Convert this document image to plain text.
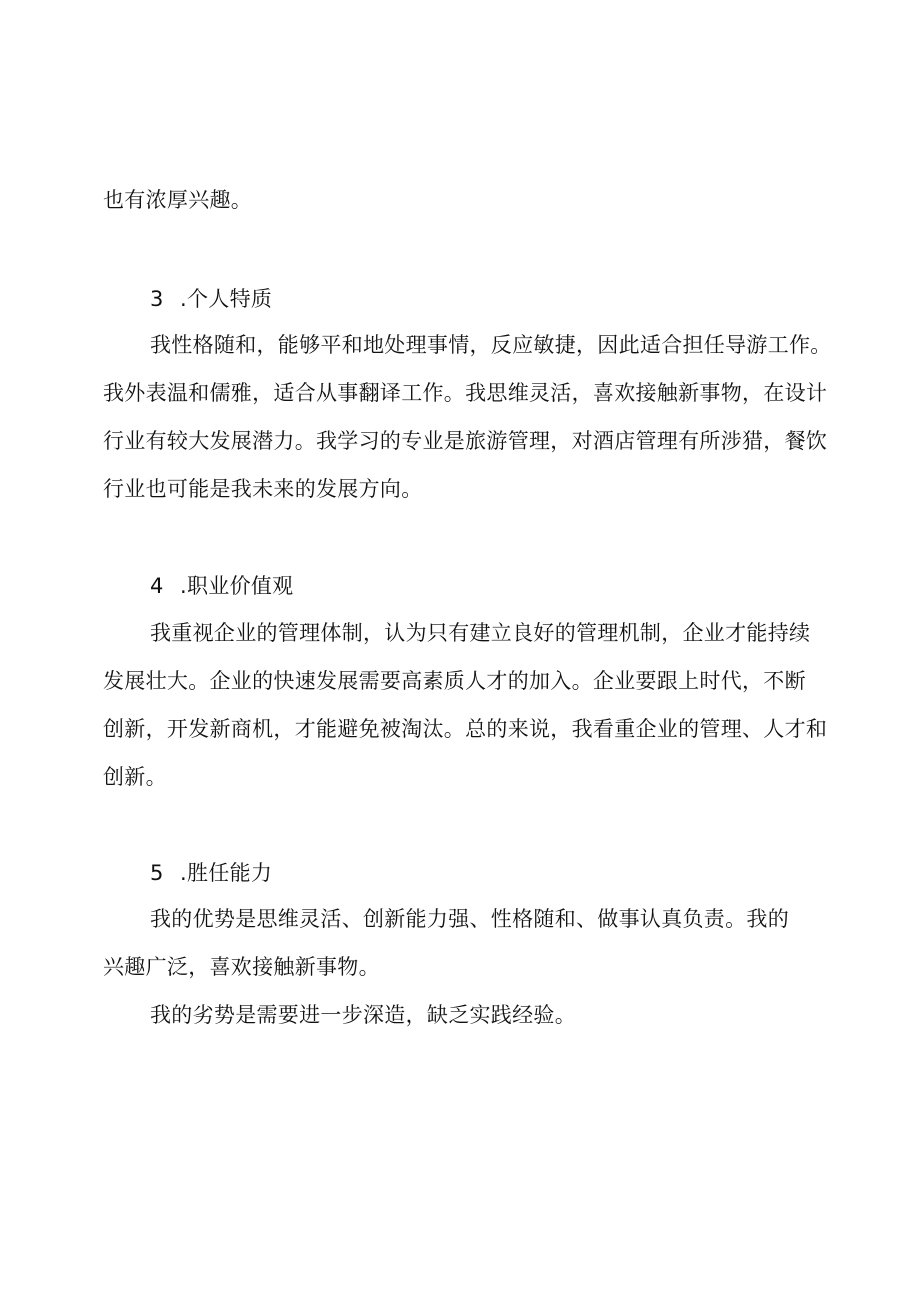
也有浓厚兴趣。
3 .个人特质
我性格随和，能够平和地处理事情，反应敏捷，因此适合担任导游工作。
我外表温和儒雅，适合从事翻译工作。我思维灵活，喜欢接触新事物，在设计
行业有较大发展潜力。我学习的专业是旅游管理，对酒店管理有所涉猎，餐饮
行业也可能是我未来的发展方向。
4 .职业价值观
我重视企业的管理体制，认为只有建立良好的管理机制，企业才能持续
发展壮大。企业的快速发展需要高素质人才的加入。企业要跟上时代，不断
创新，开发新商机，才能避免被淘汰。总的来说，我看重企业的管理、人才和
创新。
5 .胜任能力
我的优势是思维灵活、创新能力强、性格随和、做事认真负责。我的
兴趣广泛，喜欢接触新事物。
我的劣势是需要进一步深造，缺乏实践经验。
